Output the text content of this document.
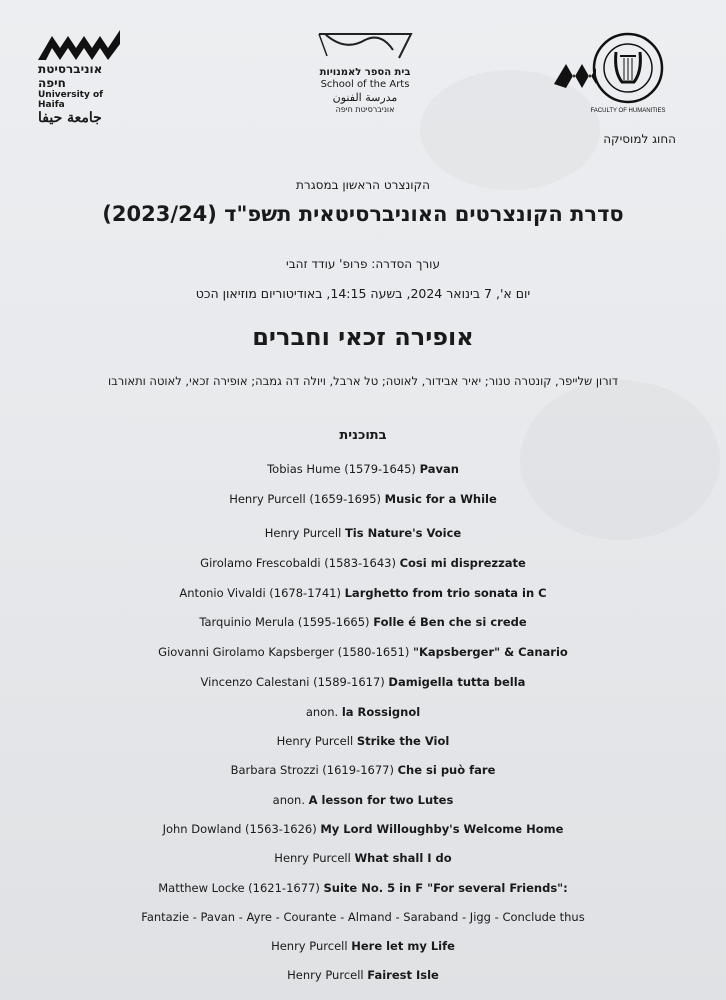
אוניברסיטת חיפה
University of Haifa
جامعة حيفا
בית הספר לאמנויות
School of the Arts
مدرسة الفنون
אוניברסיטת חיפה	FACULTY OF HUMANITIES
החוג למוסיקה
הקונצרט הראשון במסגרת
סדרת הקונצרטים האוניברסיטאית תשפ"ד (2023/24)
עורך הסדרה: פרופ' עודד זהבי
יום א', 7 בינואר 2024, בשעה 14:15, באודיטוריום מוזיאון הכט
אופירה זכאי וחברים
דורון שלייפר, קונטרה טנור; יאיר אבידור, לאוטה; טל ארבל, ויולה דה גמבה; אופירה זכאי, לאוטה ותאורבו
בתוכנית
Tobias Hume (1579-1645) Pavan
Henry Purcell (1659-1695) Music for a While
Henry Purcell Tis Nature's Voice
Girolamo Frescobaldi (1583-1643) Cosi mi disprezzate
Antonio Vivaldi (1678-1741) Larghetto from trio sonata in C
Tarquinio Merula (1595-1665) Folle é Ben che si crede
Giovanni Girolamo Kapsberger (1580-1651) "Kapsberger" & Canario
Vincenzo Calestani (1589-1617) Damigella tutta bella
anon. la Rossignol
Henry Purcell Strike the Viol
Barbara Strozzi (1619-1677) Che si può fare
anon. A lesson for two Lutes
John Dowland (1563-1626) My Lord Willoughby's Welcome Home
Henry Purcell What shall I do
Matthew Locke (1621-1677) Suite No. 5 in F "For several Friends":
Fantazie - Pavan - Ayre - Courante - Almand - Saraband - Jigg - Conclude thus
Henry Purcell Here let my Life
Henry Purcell Fairest Isle
